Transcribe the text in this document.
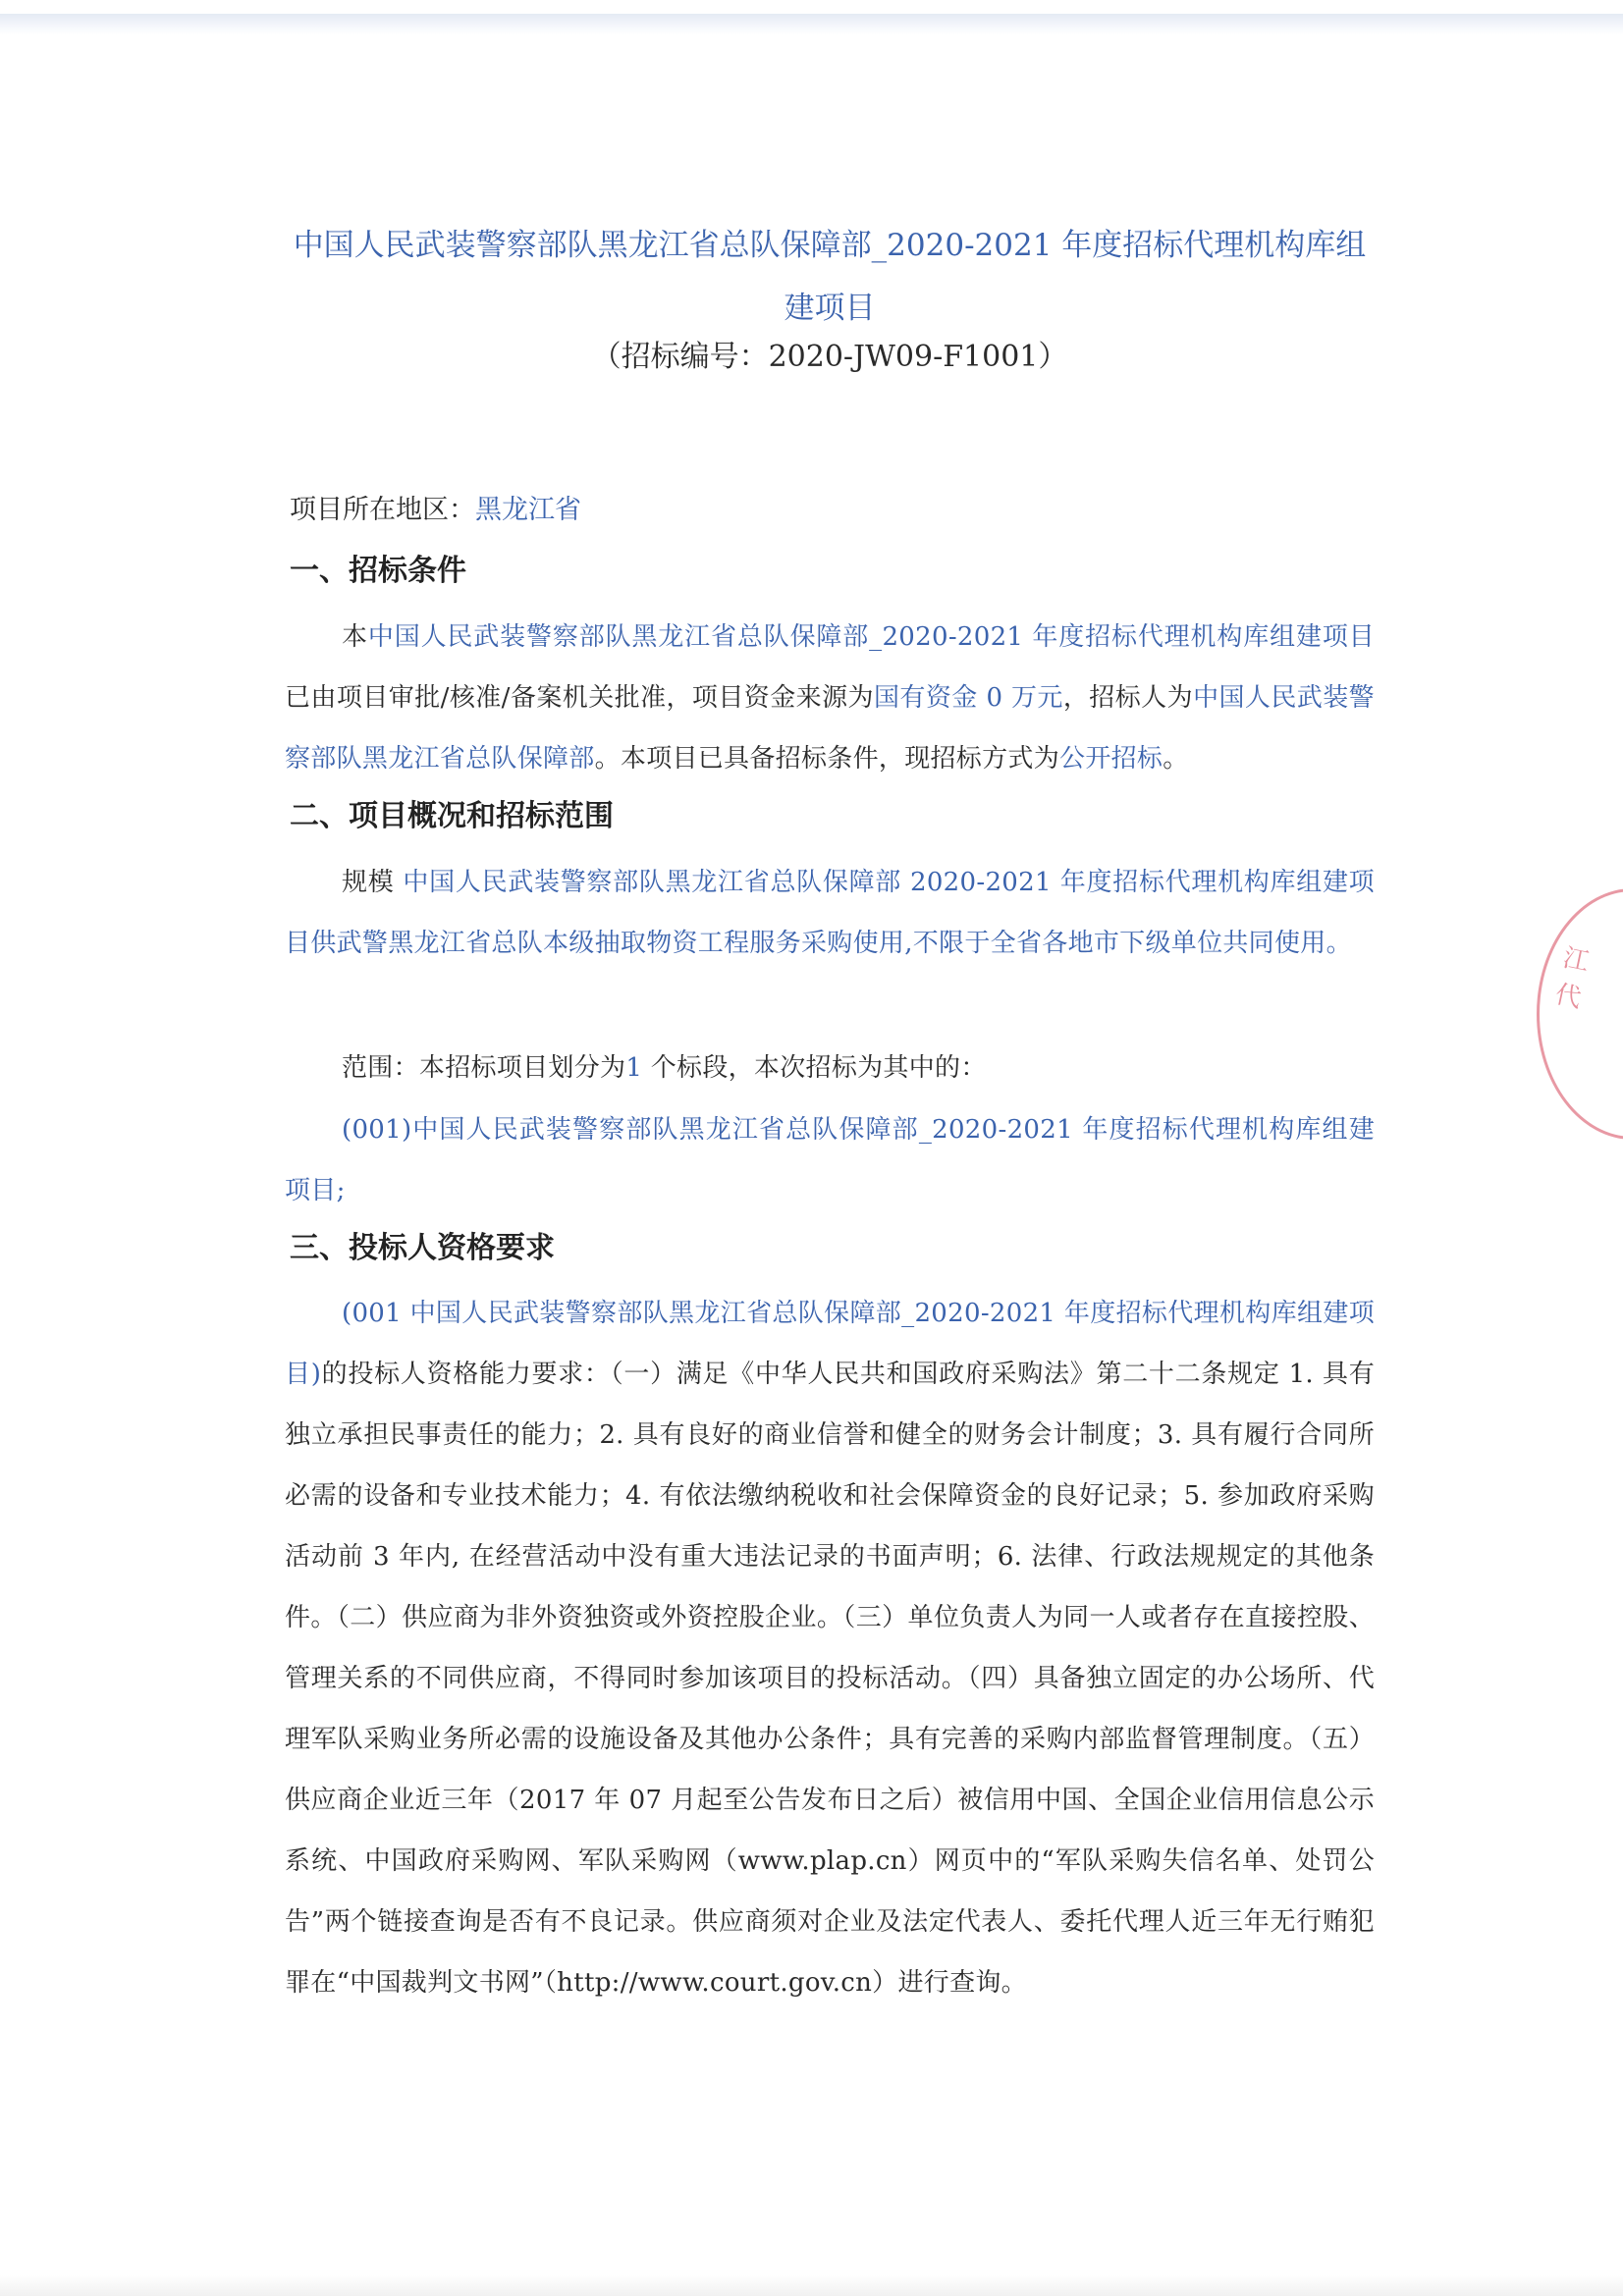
中国人民武装警察部队黑龙江省总队保障部_2020-2021 年度招标代理机构库组
建项目
（招标编号：2020-JW09-F1001）
项目所在地区：黑龙江省
一、招标条件
本中国人民武装警察部队黑龙江省总队保障部_2020-2021 年度招标代理机构库组建项目已由项目审批/核准/备案机关批准，项目资金来源为国有资金 0 万元，招标人为中国人民武装警察部队黑龙江省总队保障部。本项目已具备招标条件，现招标方式为公开招标。
二、项目概况和招标范围
规模 中国人民武装警察部队黑龙江省总队保障部 2020-2021 年度招标代理机构库组建项目供武警黑龙江省总队本级抽取物资工程服务采购使用,不限于全省各地市下级单位共同使用。
范围：本招标项目划分为1 个标段，本次招标为其中的：
(001)中国人民武装警察部队黑龙江省总队保障部_2020-2021 年度招标代理机构库组建项目;
三、投标人资格要求
(001 中国人民武装警察部队黑龙江省总队保障部_2020-2021 年度招标代理机构库组建项目)的投标人资格能力要求：（一）满足《中华人民共和国政府采购法》第二十二条规定 1. 具有独立承担民事责任的能力；2. 具有良好的商业信誉和健全的财务会计制度；3. 具有履行合同所必需的设备和专业技术能力；4. 有依法缴纳税收和社会保障资金的良好记录；5. 参加政府采购活动前 3 年内, 在经营活动中没有重大违法记录的书面声明；6. 法律、行政法规规定的其他条件。（二）供应商为非外资独资或外资控股企业。（三）单位负责人为同一人或者存在直接控股、管理关系的不同供应商，不得同时参加该项目的投标活动。（四）具备独立固定的办公场所、代理军队采购业务所必需的设施设备及其他办公条件；具有完善的采购内部监督管理制度。（五）供应商企业近三年（2017 年 07 月起至公告发布日之后）被信用中国、全国企业信用信息公示系统、中国政府采购网、军队采购网（www.plap.cn）网页中的“军队采购失信名单、处罚公告”两个链接查询是否有不良记录。供应商须对企业及法定代表人、委托代理人近三年无行贿犯罪在“中国裁判文书网”（http://www.court.gov.cn）进行查询。
江代
